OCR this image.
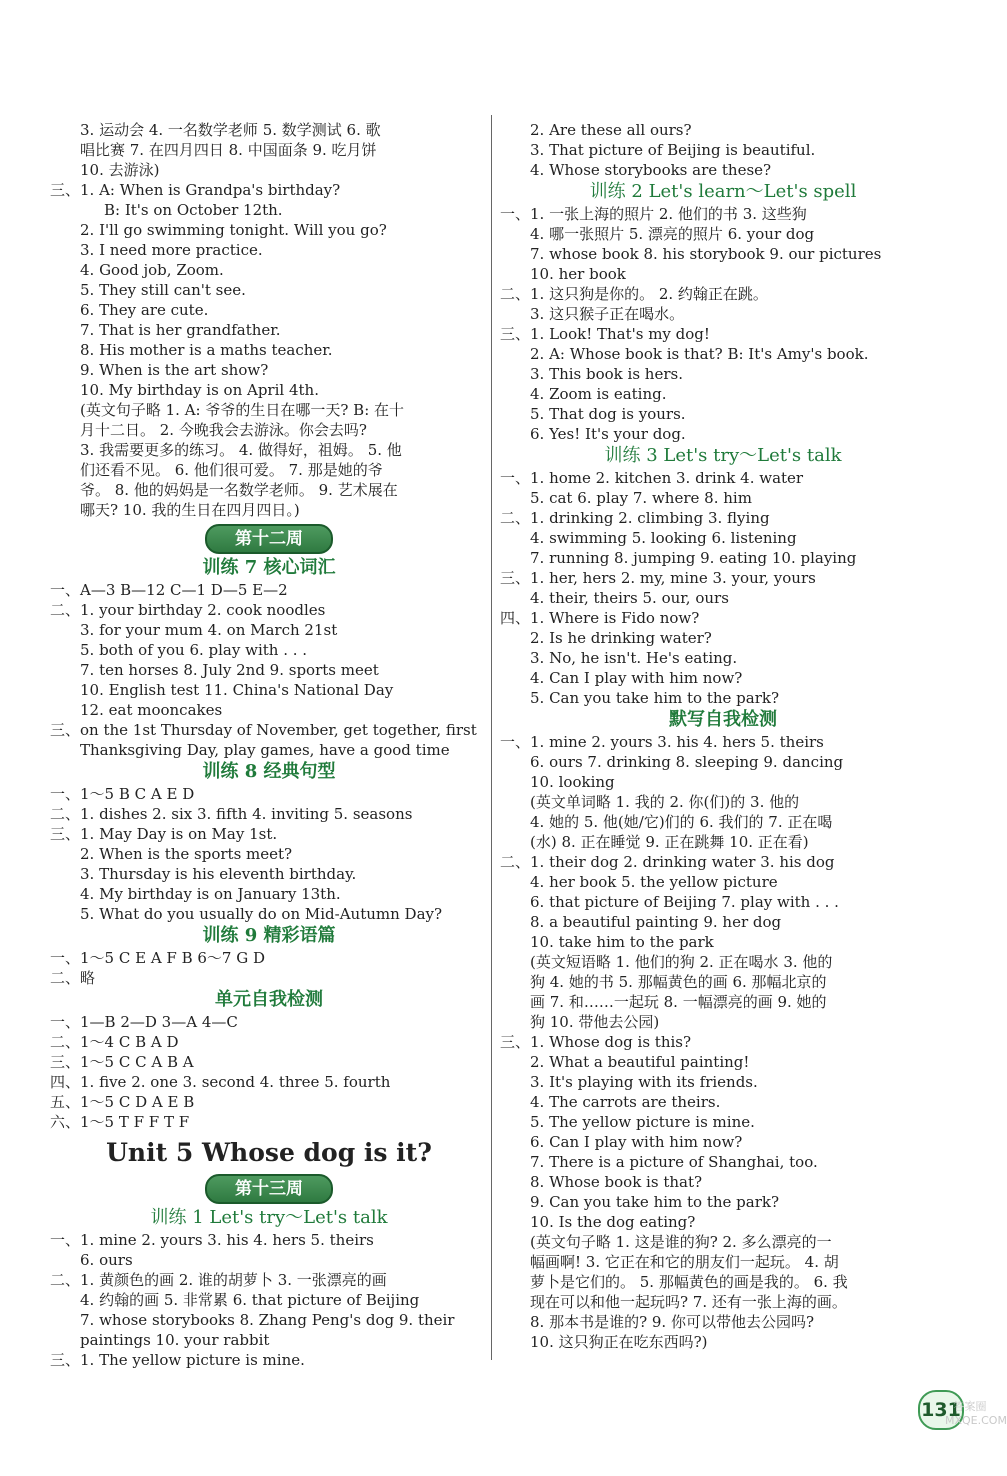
3. 运动会 4. 一名数学老师 5. 数学测试 6. 歌
唱比赛 7. 在四月四日 8. 中国面条 9. 吃月饼
10. 去游泳)
三、1. A: When is Grandpa's birthday?
B: It's on October 12th.
2. I'll go swimming tonight. Will you go?
3. I need more practice.
4. Good job, Zoom.
5. They still can't see.
6. They are cute.
7. That is her grandfather.
8. His mother is a maths teacher.
9. When is the art show?
10. My birthday is on April 4th.
(英文句子略 1. A: 爷爷的生日在哪一天? B: 在十
月十二日。 2. 今晚我会去游泳。你会去吗?
3. 我需要更多的练习。 4. 做得好，祖姆。 5. 他
们还看不见。 6. 他们很可爱。 7. 那是她的爷
爷。 8. 他的妈妈是一名数学老师。 9. 艺术展在
哪天? 10. 我的生日在四月四日。)
第十二周
训练 7 核心词汇
一、A—3 B—12 C—1 D—5 E—2
二、1. your birthday 2. cook noodles
3. for your mum 4. on March 21st
5. both of you 6. play with . . .
7. ten horses 8. July 2nd 9. sports meet
10. English test 11. China's National Day
12. eat mooncakes
三、on the 1st Thursday of November, get together, first
Thanksgiving Day, play games, have a good time
训练 8 经典句型
一、1～5 B C A E D
二、1. dishes 2. six 3. fifth 4. inviting 5. seasons
三、1. May Day is on May 1st.
2. When is the sports meet?
3. Thursday is his eleventh birthday.
4. My birthday is on January 13th.
5. What do you usually do on Mid-Autumn Day?
训练 9 精彩语篇
一、1～5 C E A F B 6～7 G D
二、略
单元自我检测
一、1—B 2—D 3—A 4—C
二、1～4 C B A D
三、1～5 C C A B A
四、1. five 2. one 3. second 4. three 5. fourth
五、1～5 C D A E B
六、1～5 T F F T F
Unit 5 Whose dog is it?
第十三周
训练 1 Let's try～Let's talk
一、1. mine 2. yours 3. his 4. hers 5. theirs
6. ours
二、1. 黄颜色的画 2. 谁的胡萝卜 3. 一张漂亮的画
4. 约翰的画 5. 非常累 6. that picture of Beijing
7. whose storybooks 8. Zhang Peng's dog 9. their
paintings 10. your rabbit
三、1. The yellow picture is mine.
2. Are these all ours?
3. That picture of Beijing is beautiful.
4. Whose storybooks are these?
训练 2 Let's learn～Let's spell
一、1. 一张上海的照片 2. 他们的书 3. 这些狗
4. 哪一张照片 5. 漂亮的照片 6. your dog
7. whose book 8. his storybook 9. our pictures
10. her book
二、1. 这只狗是你的。 2. 约翰正在跳。
3. 这只猴子正在喝水。
三、1. Look! That's my dog!
2. A: Whose book is that? B: It's Amy's book.
3. This book is hers.
4. Zoom is eating.
5. That dog is yours.
6. Yes! It's your dog.
训练 3 Let's try～Let's talk
一、1. home 2. kitchen 3. drink 4. water
5. cat 6. play 7. where 8. him
二、1. drinking 2. climbing 3. flying
4. swimming 5. looking 6. listening
7. running 8. jumping 9. eating 10. playing
三、1. her, hers 2. my, mine 3. your, yours
4. their, theirs 5. our, ours
四、1. Where is Fido now?
2. Is he drinking water?
3. No, he isn't. He's eating.
4. Can I play with him now?
5. Can you take him to the park?
默写自我检测
一、1. mine 2. yours 3. his 4. hers 5. theirs
6. ours 7. drinking 8. sleeping 9. dancing
10. looking
(英文单词略 1. 我的 2. 你(们)的 3. 他的
4. 她的 5. 他(她/它)们的 6. 我们的 7. 正在喝
(水) 8. 正在睡觉 9. 正在跳舞 10. 正在看)
二、1. their dog 2. drinking water 3. his dog
4. her book 5. the yellow picture
6. that picture of Beijing 7. play with . . .
8. a beautiful painting 9. her dog
10. take him to the park
(英文短语略 1. 他们的狗 2. 正在喝水 3. 他的
狗 4. 她的书 5. 那幅黄色的画 6. 那幅北京的
画 7. 和……一起玩 8. 一幅漂亮的画 9. 她的
狗 10. 带他去公园)
三、1. Whose dog is this?
2. What a beautiful painting!
3. It's playing with its friends.
4. The carrots are theirs.
5. The yellow picture is mine.
6. Can I play with him now?
7. There is a picture of Shanghai, too.
8. Whose book is that?
9. Can you take him to the park?
10. Is the dog eating?
(英文句子略 1. 这是谁的狗? 2. 多么漂亮的一
幅画啊! 3. 它正在和它的朋友们一起玩。 4. 胡
萝卜是它们的。 5. 那幅黄色的画是我的。 6. 我
现在可以和他一起玩吗? 7. 还有一张上海的画。
8. 那本书是谁的? 9. 你可以带他去公园吗?
10. 这只狗正在吃东西吗?)
131
答案圈 MXQE.COM
